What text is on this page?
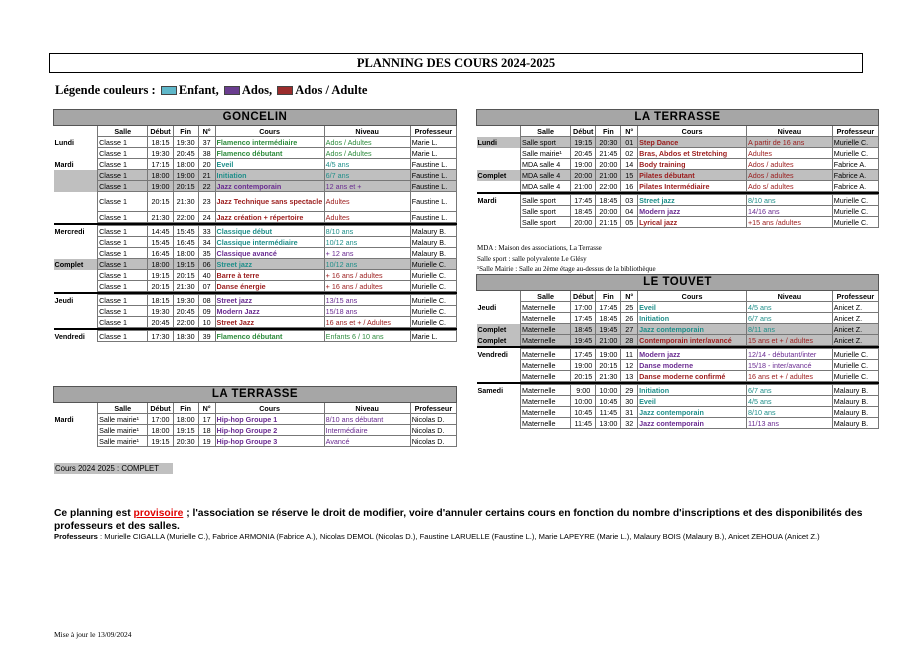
PLANNING DES COURS 2024-2025
Légende couleurs : Enfant, Ados, Ados / Adulte
GONCELIN							
	Salle	Début	Fin	N°	Cours	Niveau	Professeur
Lundi	Classe 1	18:15	19:30	37	Flamenco intermédiaire	Ados / Adultes	Marie L.
	Classe 1	19:30	20:45	38	Flamenco débutant	Ados / Adultes	Marie L.
Mardi	Classe 1	17:15	18:00	20	Eveil	4/5 ans	Faustine L.
	Classe 1	18:00	19:00	21	Initiation	6/7 ans	Faustine L.
	Classe 1	19:00	20:15	22	Jazz contemporain	12 ans et +	Faustine L.
	Classe 1	20:15	21:30	23	Jazz Technique sans spectacle	Adultes	Faustine L.
	Classe 1	21:30	22:00	24	Jazz création + répertoire	Adultes	Faustine L.

Mercredi	Classe 1	14:45	15:45	33	Classique début	8/10 ans	Malaury B.
	Classe 1	15:45	16:45	34	Classique intermédiaire	10/12 ans	Malaury B.
	Classe 1	16:45	18:00	35	Classique avancé	+ 12 ans	Malaury B.
Complet	Classe 1	18:00	19:15	06	Street jazz	10/12 ans	Murielle C.
	Classe 1	19:15	20:15	40	Barre à terre	+ 16 ans / adultes	Murielle C.
	Classe 1	20:15	21:30	07	Danse énergie	+ 16 ans / adultes	Murielle C.

Jeudi	Classe 1	18:15	19:30	08	Street jazz	13/15 ans	Murielle C.
	Classe 1	19:30	20:45	09	Modern Jazz	15/18 ans	Murielle C.
	Classe 1	20:45	22:00	10	Street Jazz	16 ans et + / Adultes	Murielle C.

Vendredi	Classe 1	17:30	18:30	39	Flamenco débutant	Enfants 6 / 10 ans	Marie L.
LA TERRASSE							
	Salle	Début	Fin	N°	Cours	Niveau	Professeur
Mardi	Salle mairie¹	17:00	18:00	17	Hip-hop Groupe 1	8/10 ans débutant	Nicolas D.
	Salle mairie¹	18:00	19:15	18	Hip-hop Groupe 2	Intermédiaire	Nicolas D.
	Salle mairie¹	19:15	20:30	19	Hip-hop Groupe 3	Avancé	Nicolas D.
LA TERRASSE							
	Salle	Début	Fin	N°	Cours	Niveau	Professeur
Lundi	Salle sport	19:15	20:30	01	Step Dance	A partir de 16 ans	Murielle C.
	Salle mairie¹	20:45	21:45	02	Bras, Abdos et Stretching	Adultes	Murielle C.
	MDA salle 4	19:00	20:00	14	Body training	Ados / adultes	Fabrice A.
Complet	MDA salle 4	20:00	21:00	15	Pilates débutant	Ados / adultes	Fabrice A.
	MDA salle 4	21:00	22:00	16	Pilates Intermédiaire	Ado s/ adultes	Fabrice A.

Mardi	Salle sport	17:45	18:45	03	Street jazz	8/10 ans	Murielle C.
	Salle sport	18:45	20:00	04	Modern jazz	14/16 ans	Murielle C.
	Salle sport	20:00	21:15	05	Lyrical jazz	+15 ans /adultes	Murielle C.
MDA : Maison des associations, La Terrasse
Salle sport : salle polyvalente Le Glésy
¹Salle Mairie : Salle au 2ème étage au-dessus de la bibliothèque
LE TOUVET							
	Salle	Début	Fin	N°	Cours	Niveau	Professeur
Jeudi	Maternelle	17:00	17:45	25	Eveil	4/5 ans	Anicet Z.
	Maternelle	17:45	18:45	26	Initiation	6/7 ans	Anicet Z.
Complet	Maternelle	18:45	19:45	27	Jazz contemporain	8/11 ans	Anicet Z.
Complet	Maternelle	19:45	21:00	28	Contemporain inter/avancé	15 ans et + / adultes	Anicet Z.

Vendredi	Maternelle	17:45	19:00	11	Modern jazz	12/14 - débutant/inter	Murielle C.
	Maternelle	19:00	20:15	12	Danse moderne	15/18 - inter/avancé	Murielle C.
	Maternelle	20:15	21:30	13	Danse moderne confirmé	16 ans et + / adultes	Murielle C.

Samedi	Maternelle	9:00	10:00	29	Initiation	6/7 ans	Malaury B.
	Maternelle	10:00	10:45	30	Eveil	4/5 ans	Malaury B.
	Maternelle	10:45	11:45	31	Jazz contemporain	8/10 ans	Malaury B.
	Maternelle	11:45	13:00	32	Jazz contemporain	11/13 ans	Malaury B.
Cours 2024 2025 : COMPLET
Ce planning est provisoire ; l'association se réserve le droit de modifier, voire d'annuler certains cours en fonction du nombre d'inscriptions et des disponibilités des professeurs et des salles.
Professeurs : Murielle CIGALLA (Murielle C.), Fabrice ARMONIA (Fabrice A.), Nicolas DEMOL (Nicolas D.), Faustine LARUELLE (Faustine L.), Marie LAPEYRE (Marie L.), Malaury BOIS (Malaury B.), Anicet ZEHOUA (Anicet Z.)
Mise à jour le 13/09/2024
